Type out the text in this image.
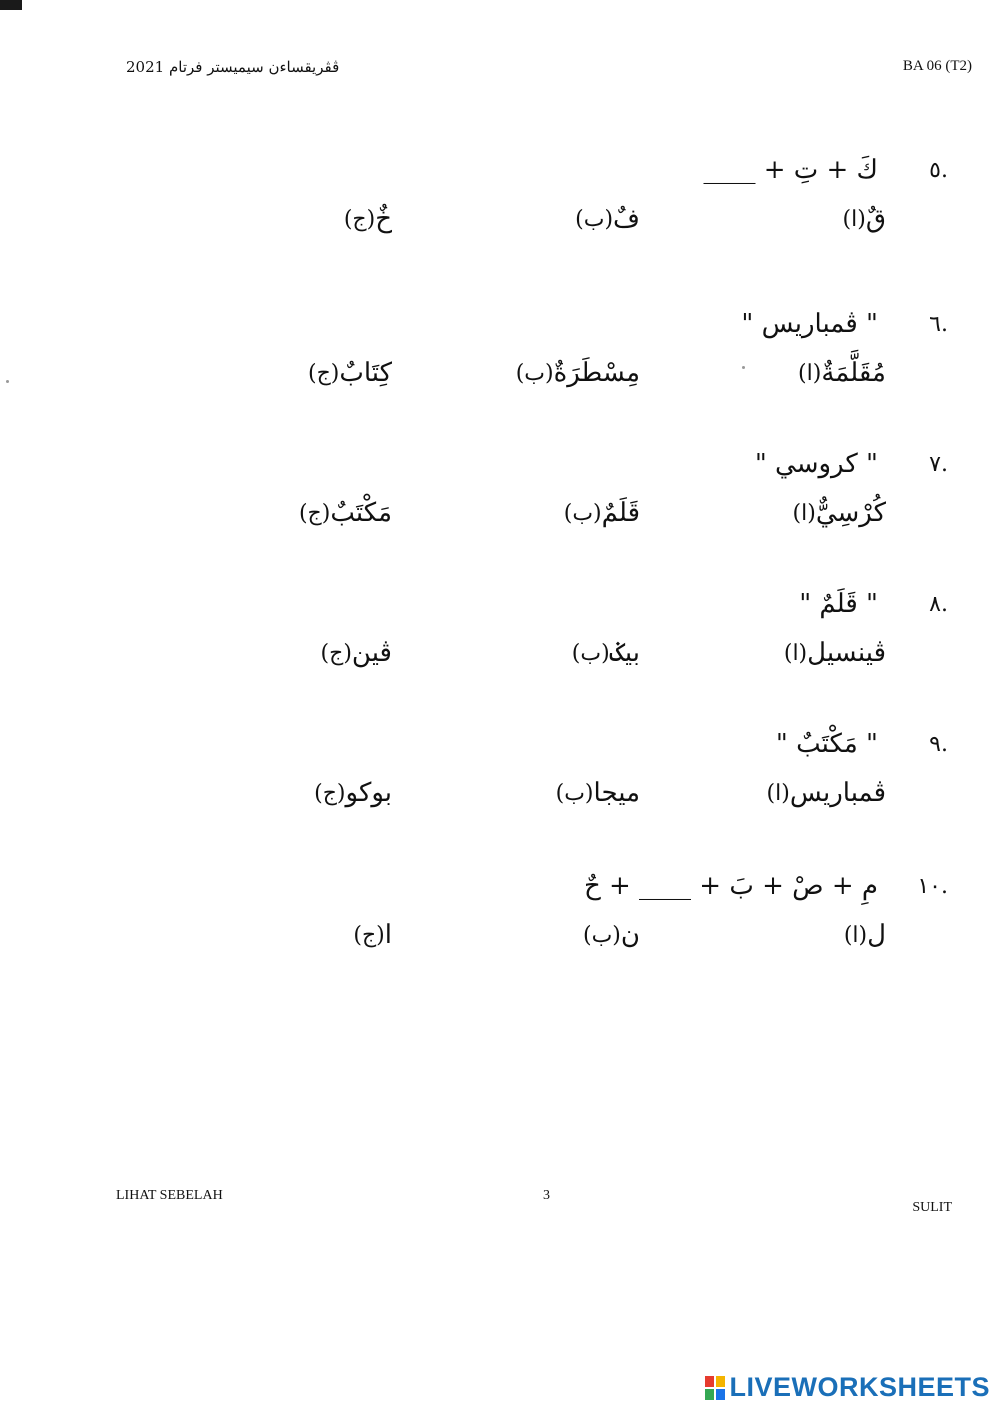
ڤڤريقساءن سيميستر فرتام 2021	BA 06 (T2)
.٥
كَ + تِ + ____
(ا) قٌ
(ب) فٌ
(ج) خٌ
.٦
" ڤمباريس "
(ا) مُقَلَّمَةٌ
(ب) مِسْطَرَةٌ
(ج) كِتَابٌ
.٧
" كروسي "
(ا) كُرْسِيٌّ
(ب) قَلَمٌ
(ج) مَكْتَبٌ
.٨
" قَلَمٌ "
(ا) ڤينسيل
(ب) بيݢ
(ج) ڤين
.٩
" مَكْتَبٌ "
(ا) ڤمباريس
(ب) ميجا
(ج) بوكو
.١٠
مِ + صْ + بَ + ____ + حٌ
(ا) ل
(ب) ن
(ج) ا
LIHAT SEBELAH	3
SULIT
LIVEWORKSHEETS
